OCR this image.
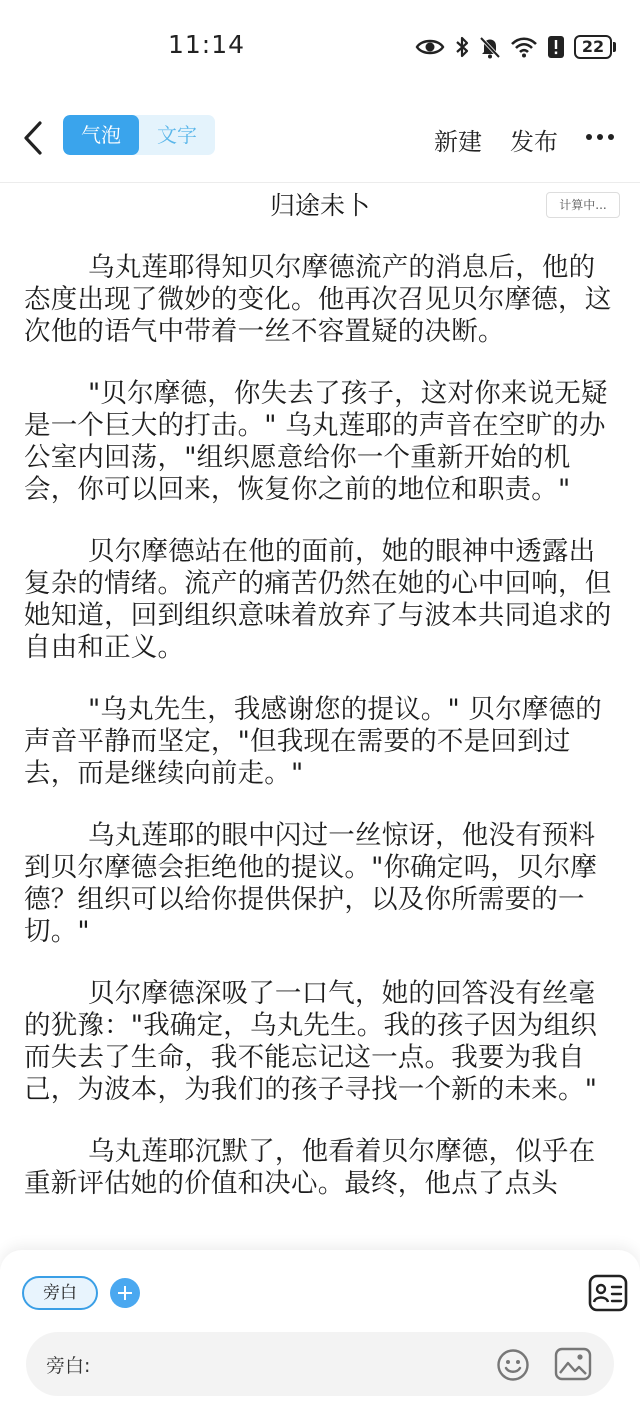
11:14	22
气泡	文字	新建 发布
归途未卜	计算中...

乌丸莲耶得知贝尔摩德流产的消息后，他的态度出现了微妙的变化。他再次召见贝尔摩德，这次他的语气中带着一丝不容置疑的决断。

"贝尔摩德，你失去了孩子，这对你来说无疑是一个巨大的打击。" 乌丸莲耶的声音在空旷的办公室内回荡，"组织愿意给你一个重新开始的机会，你可以回来，恢复你之前的地位和职责。"

贝尔摩德站在他的面前，她的眼神中透露出复杂的情绪。流产的痛苦仍然在她的心中回响，但她知道，回到组织意味着放弃了与波本共同追求的自由和正义。

"乌丸先生，我感谢您的提议。" 贝尔摩德的声音平静而坚定，"但我现在需要的不是回到过去，而是继续向前走。"

乌丸莲耶的眼中闪过一丝惊讶，他没有预料到贝尔摩德会拒绝他的提议。"你确定吗，贝尔摩德？组织可以给你提供保护，以及你所需要的一切。"

贝尔摩德深吸了一口气，她的回答没有丝毫的犹豫："我确定，乌丸先生。我的孩子因为组织而失去了生命，我不能忘记这一点。我要为我自己，为波本，为我们的孩子寻找一个新的未来。"

乌丸莲耶沉默了，他看着贝尔摩德，似乎在重新评估她的价值和决心。最终，他点了点头

旁白
旁白:
